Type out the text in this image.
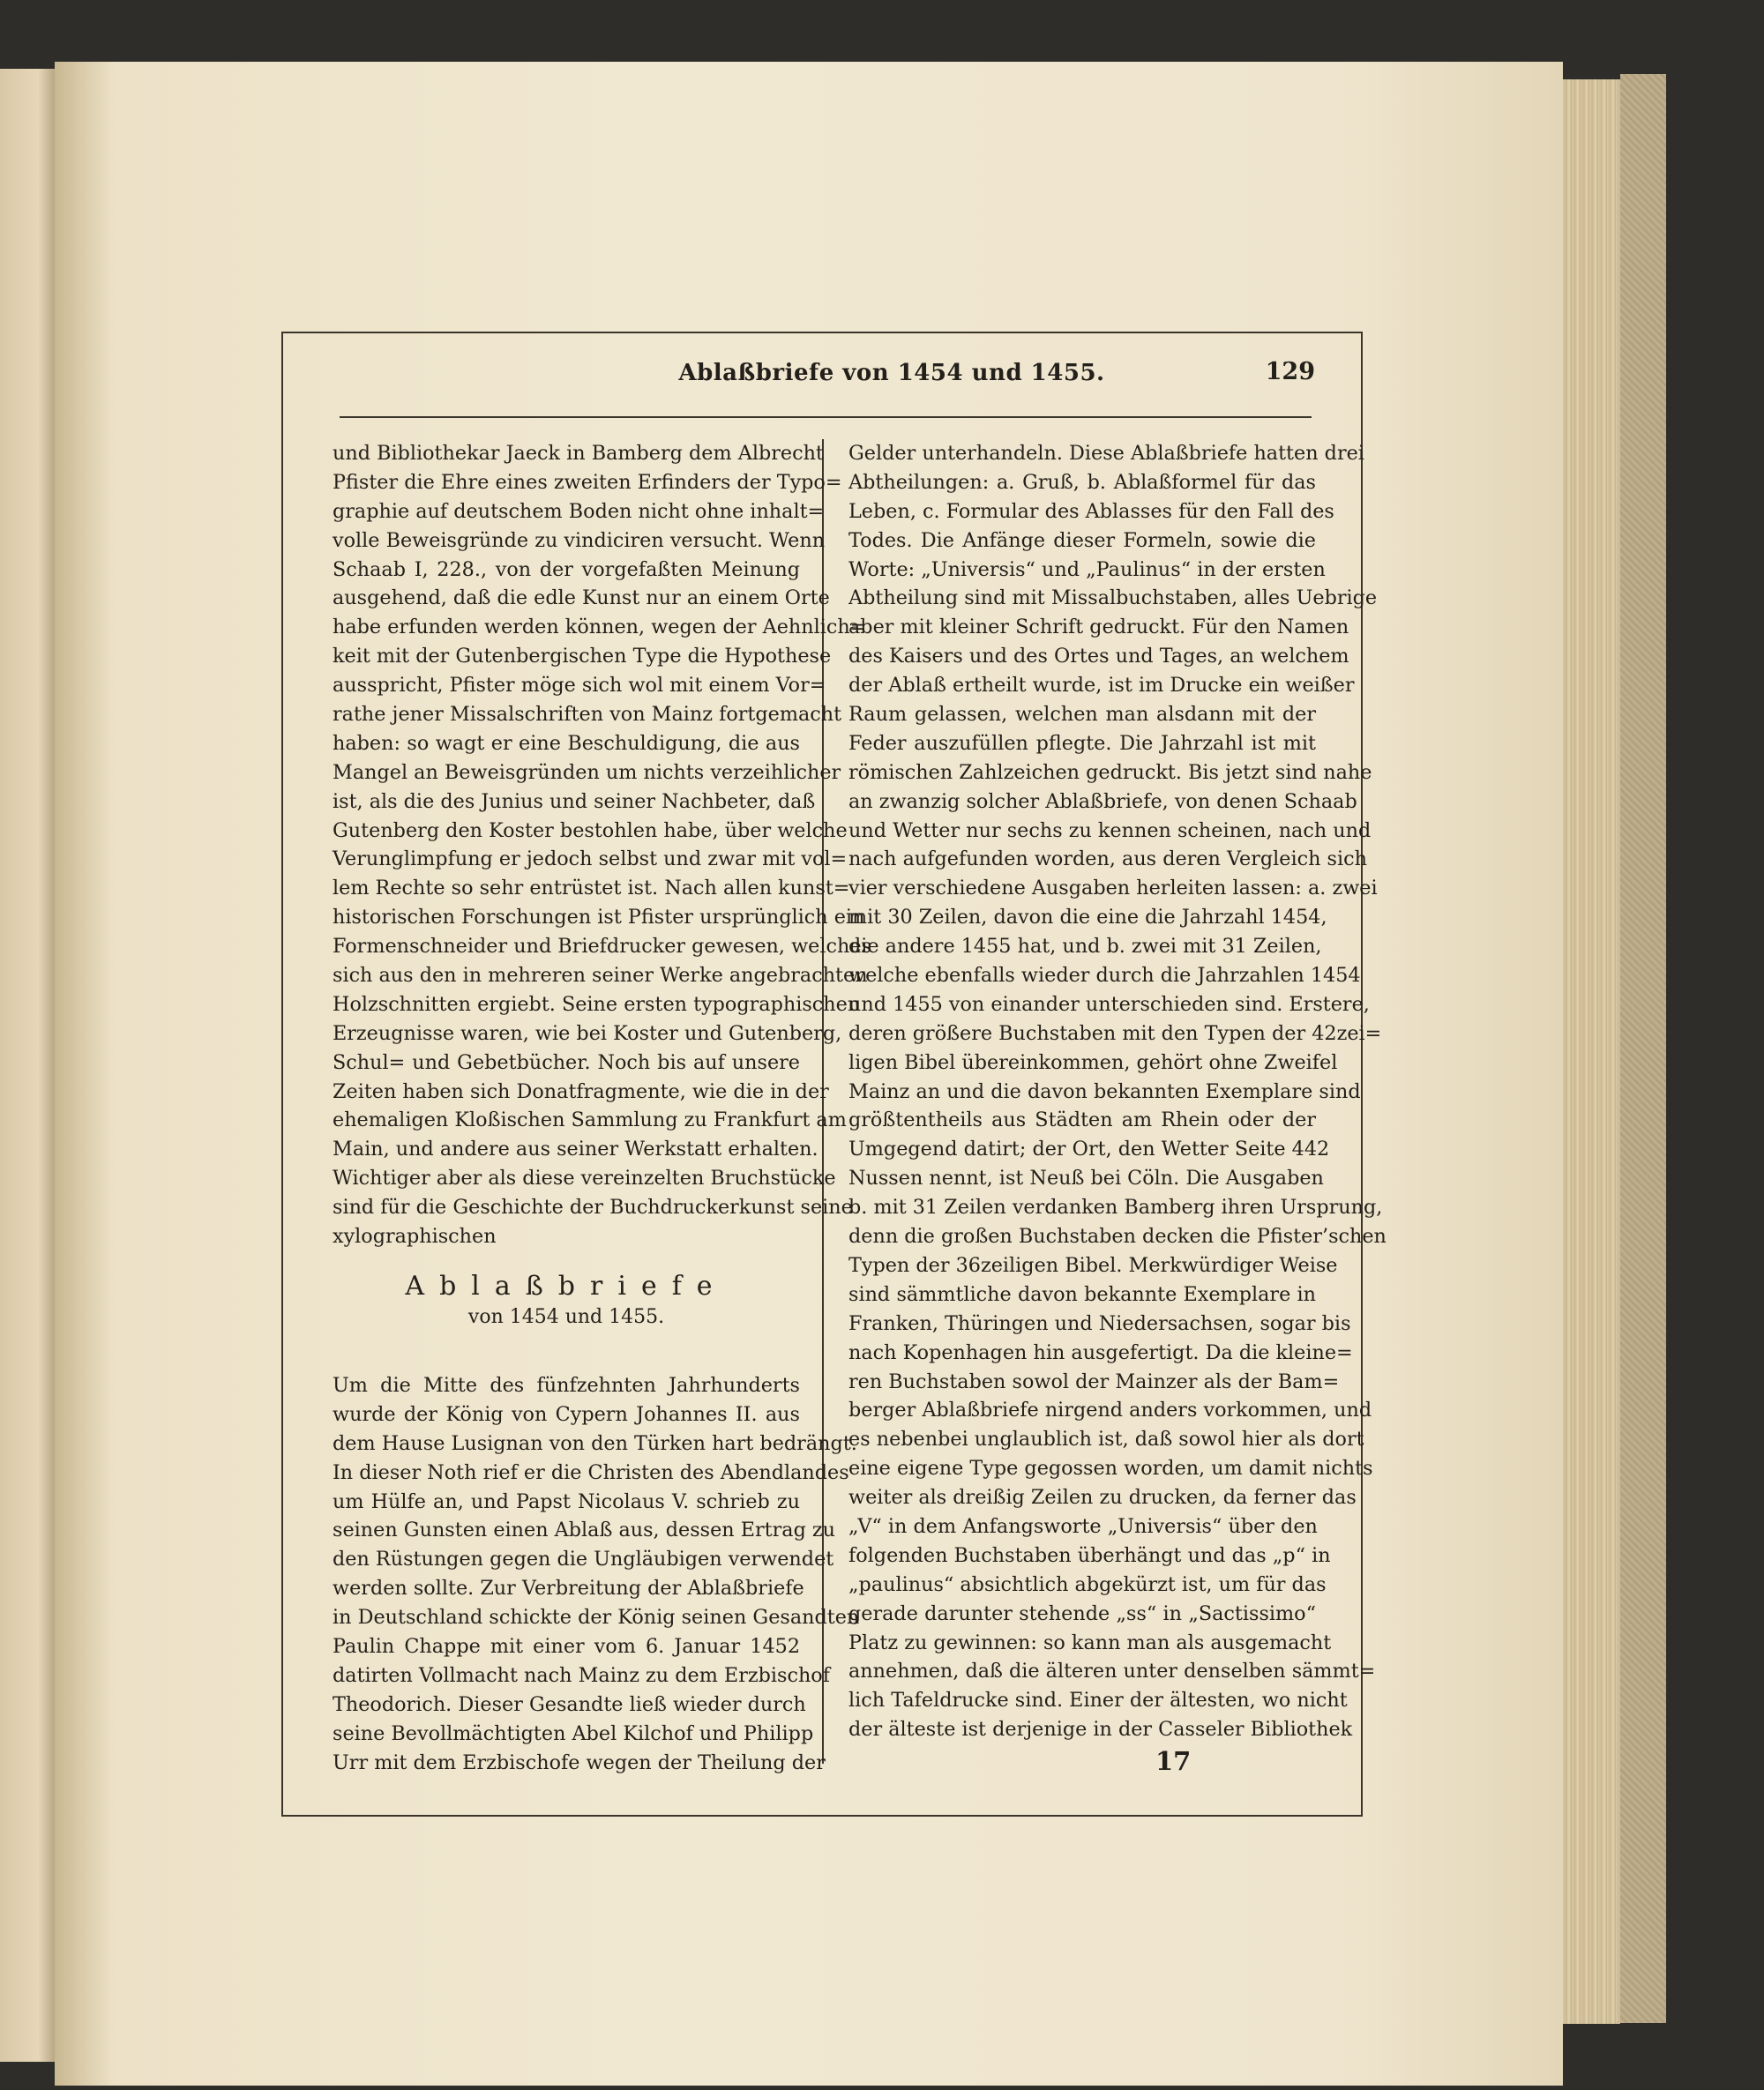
Ablaßbriefe von 1454 und 1455.	129
und Bibliothekar Jaeck in Bamberg dem Albrecht
Pfister die Ehre eines zweiten Erfinders der Typo=
graphie auf deutschem Boden nicht ohne inhalt=
volle Beweisgründe zu vindiciren versucht. Wenn
Schaab I, 228., von der vorgefaßten Meinung
ausgehend, daß die edle Kunst nur an einem Orte
habe erfunden werden können, wegen der Aehnlich=
keit mit der Gutenbergischen Type die Hypothese
ausspricht, Pfister möge sich wol mit einem Vor=
rathe jener Missalschriften von Mainz fortgemacht
haben: so wagt er eine Beschuldigung, die aus
Mangel an Beweisgründen um nichts verzeihlicher
ist, als die des Junius und seiner Nachbeter, daß
Gutenberg den Koster bestohlen habe, über welche
Verunglimpfung er jedoch selbst und zwar mit vol=
lem Rechte so sehr entrüstet ist. Nach allen kunst=
historischen Forschungen ist Pfister ursprünglich ein
Formenschneider und Briefdrucker gewesen, welches
sich aus den in mehreren seiner Werke angebrachten
Holzschnitten ergiebt. Seine ersten typographischen
Erzeugnisse waren, wie bei Koster und Gutenberg,
Schul= und Gebetbücher. Noch bis auf unsere
Zeiten haben sich Donatfragmente, wie die in der
ehemaligen Kloßischen Sammlung zu Frankfurt am
Main, und andere aus seiner Werkstatt erhalten.
Wichtiger aber als diese vereinzelten Bruchstücke
sind für die Geschichte der Buchdruckerkunst seine
xylographischen
Ablaßbriefe
von 1454 und 1455.
Um die Mitte des fünfzehnten Jahrhunderts
wurde der König von Cypern Johannes II. aus
dem Hause Lusignan von den Türken hart bedrängt.
In dieser Noth rief er die Christen des Abendlandes
um Hülfe an, und Papst Nicolaus V. schrieb zu
seinen Gunsten einen Ablaß aus, dessen Ertrag zu
den Rüstungen gegen die Ungläubigen verwendet
werden sollte. Zur Verbreitung der Ablaßbriefe
in Deutschland schickte der König seinen Gesandten
Paulin Chappe mit einer vom 6. Januar 1452
datirten Vollmacht nach Mainz zu dem Erzbischof
Theodorich. Dieser Gesandte ließ wieder durch
seine Bevollmächtigten Abel Kilchof und Philipp
Urr mit dem Erzbischofe wegen der Theilung der
Gelder unterhandeln. Diese Ablaßbriefe hatten drei
Abtheilungen: a. Gruß, b. Ablaßformel für das
Leben, c. Formular des Ablasses für den Fall des
Todes. Die Anfänge dieser Formeln, sowie die
Worte: „Universis“ und „Paulinus“ in der ersten
Abtheilung sind mit Missalbuchstaben, alles Uebrige
aber mit kleiner Schrift gedruckt. Für den Namen
des Kaisers und des Ortes und Tages, an welchem
der Ablaß ertheilt wurde, ist im Drucke ein weißer
Raum gelassen, welchen man alsdann mit der
Feder auszufüllen pflegte. Die Jahrzahl ist mit
römischen Zahlzeichen gedruckt. Bis jetzt sind nahe
an zwanzig solcher Ablaßbriefe, von denen Schaab
und Wetter nur sechs zu kennen scheinen, nach und
nach aufgefunden worden, aus deren Vergleich sich
vier verschiedene Ausgaben herleiten lassen: a. zwei
mit 30 Zeilen, davon die eine die Jahrzahl 1454,
die andere 1455 hat, und b. zwei mit 31 Zeilen,
welche ebenfalls wieder durch die Jahrzahlen 1454
und 1455 von einander unterschieden sind. Erstere,
deren größere Buchstaben mit den Typen der 42zei=
ligen Bibel übereinkommen, gehört ohne Zweifel
Mainz an und die davon bekannten Exemplare sind
größtentheils aus Städten am Rhein oder der
Umgegend datirt; der Ort, den Wetter Seite 442
Nussen nennt, ist Neuß bei Cöln. Die Ausgaben
b. mit 31 Zeilen verdanken Bamberg ihren Ursprung,
denn die großen Buchstaben decken die Pfister’schen
Typen der 36zeiligen Bibel. Merkwürdiger Weise
sind sämmtliche davon bekannte Exemplare in
Franken, Thüringen und Niedersachsen, sogar bis
nach Kopenhagen hin ausgefertigt. Da die kleine=
ren Buchstaben sowol der Mainzer als der Bam=
berger Ablaßbriefe nirgend anders vorkommen, und
es nebenbei unglaublich ist, daß sowol hier als dort
eine eigene Type gegossen worden, um damit nichts
weiter als dreißig Zeilen zu drucken, da ferner das
„V“ in dem Anfangsworte „Universis“ über den
folgenden Buchstaben überhängt und das „p“ in
„paulinus“ absichtlich abgekürzt ist, um für das
gerade darunter stehende „ss“ in „Sactissimo“
Platz zu gewinnen: so kann man als ausgemacht
annehmen, daß die älteren unter denselben sämmt=
lich Tafeldrucke sind. Einer der ältesten, wo nicht
der älteste ist derjenige in der Casseler Bibliothek
17
